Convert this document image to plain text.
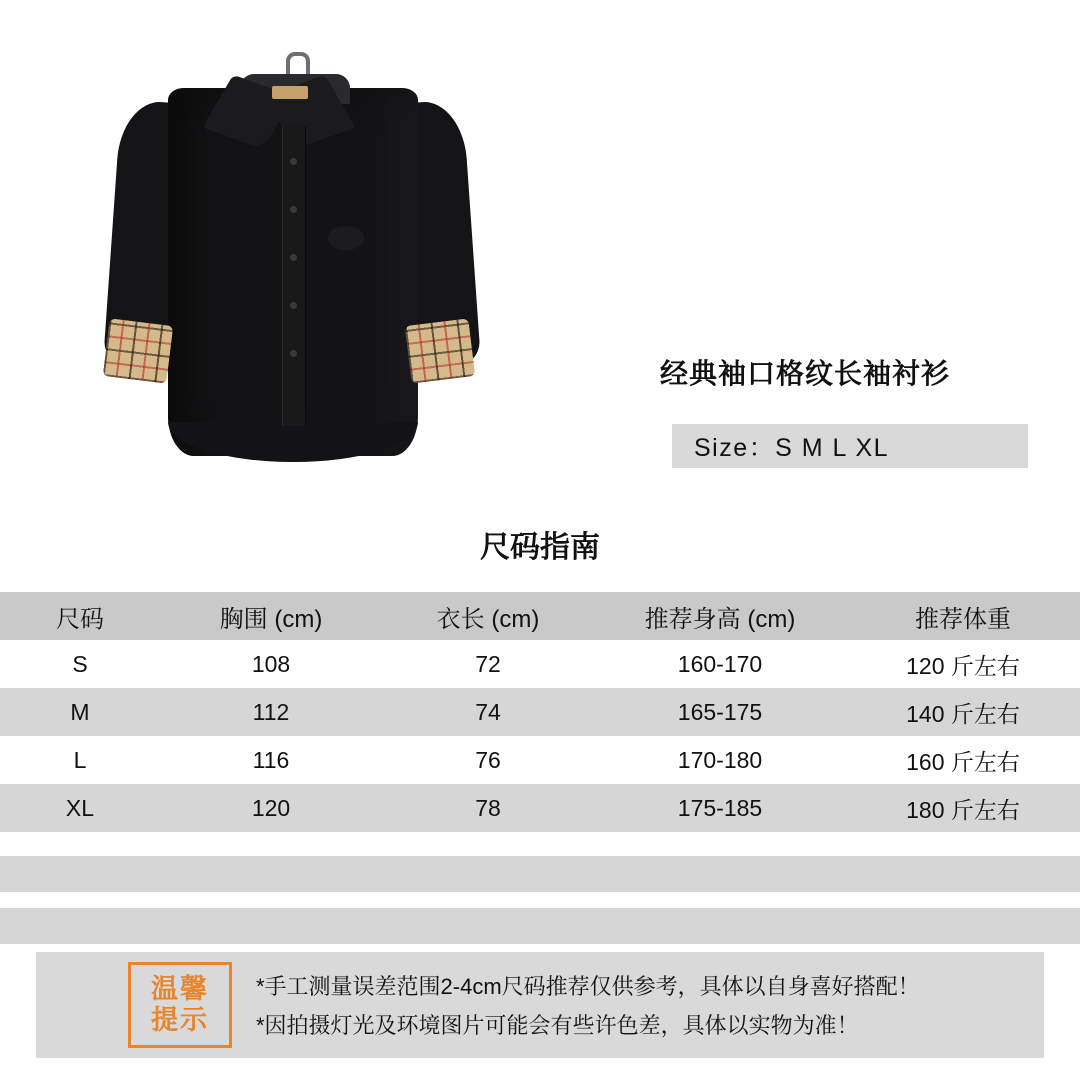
经典袖口格纹长袖衬衫
Size：S M L XL
尺码指南
尺码	胸围 (cm)	衣长 (cm)	推荐身高 (cm)	推荐体重
S	108	72	160-170	120 斤左右
M	112	74	165-175	140 斤左右
L	116	76	170-180	160 斤左右
XL	120	78	175-185	180 斤左右
温馨
提示
*手工测量误差范围2-4cm尺码推荐仅供参考，具体以自身喜好搭配！
*因拍摄灯光及环境图片可能会有些许色差，具体以实物为准！
